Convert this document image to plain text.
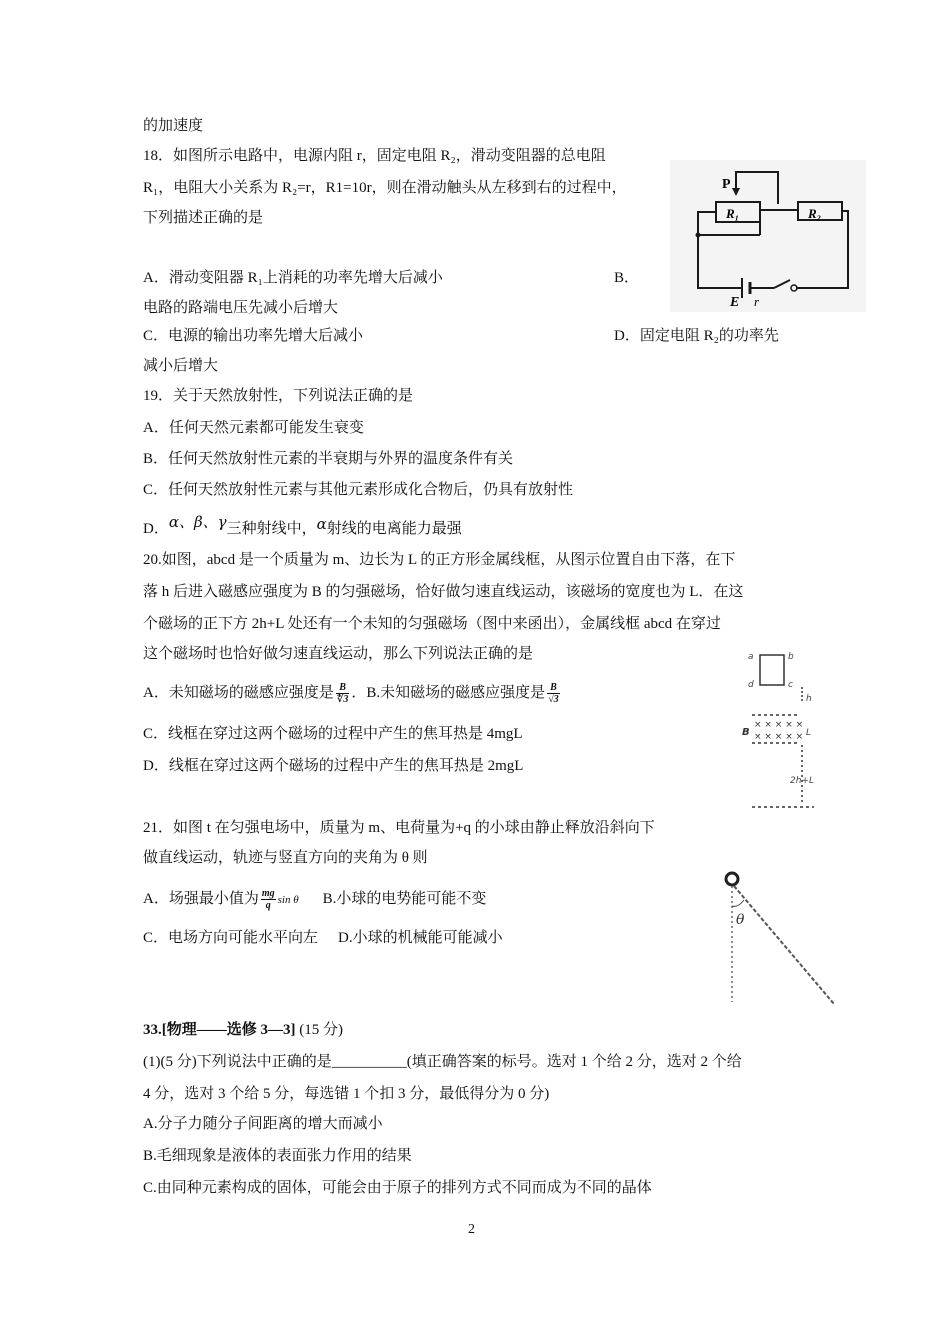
的加速度
18．如图所示电路中，电源内阻 r，固定电阻 R₂，滑动变阻器的总电阻
R₁，电阻大小关系为 R₂=r，R1=10r，则在滑动触头从左移到右的过程中，
下列描述正确的是
A．滑动变阻器 R₁上消耗的功率先增大后减小	B．
电路的路端电压先减小后增大
C．电源的输出功率先增大后减小	D．固定电阻 R₂的功率先
减小后增大
P
R₁	R₂
E r
19．关于天然放射性，下列说法正确的是
A．任何天然元素都可能发生衰变
B．任何天然放射性元素的半衰期与外界的温度条件有关
C．任何天然放射性元素与其他元素形成化合物后，仍具有放射性
D．α、β、γ三种射线中，α射线的电离能力最强
20.如图，abcd 是一个质量为 m、边长为 L 的正方形金属线框，从图示位置自由下落，在下
落 h 后进入磁感应强度为 B 的匀强磁场，恰好做匀速直线运动，该磁场的宽度也为 L．在这
个磁场的正下方 2h+L 处还有一个未知的匀强磁场（图中来函出），金属线框 abcd 在穿过
这个磁场时也恰好做匀速直线运动，那么下列说法正确的是
A．未知磁场的磁感应强度是 $\frac{B}{∜3}$ ．B.未知磁场的磁感应强度是 $\frac{B}{√3}$
C．线框在穿过这两个磁场的过程中产生的焦耳热是 4mgL
D．线框在穿过这两个磁场的过程中产生的焦耳热是 2mgL
a	b
d	c
h
B
× × × × ×
× × × × × L
2h+L
21．如图 t 在匀强电场中，质量为 m、电荷量为+q 的小球由静止释放沿斜向下
做直线运动，轨迹与竖直方向的夹角为 θ 则
A．场强最小值为 $\frac{mg}{q}$ sin θ B.小球的电势能可能不变
C．电场方向可能水平向左 D.小球的机械能可能减小
θ
33.[物理——选修 3—3] (15 分)
(1)(5 分)下列说法中正确的是__________(填正确答案的标号。选对 1 个给 2 分，选对 2 个给
4 分，选对 3 个给 5 分，每选错 1 个扣 3 分，最低得分为 0 分)
A.分子力随分子间距离的增大而减小
B.毛细现象是液体的表面张力作用的结果
C.由同种元素构成的固体，可能会由于原子的排列方式不同而成为不同的晶体
2
